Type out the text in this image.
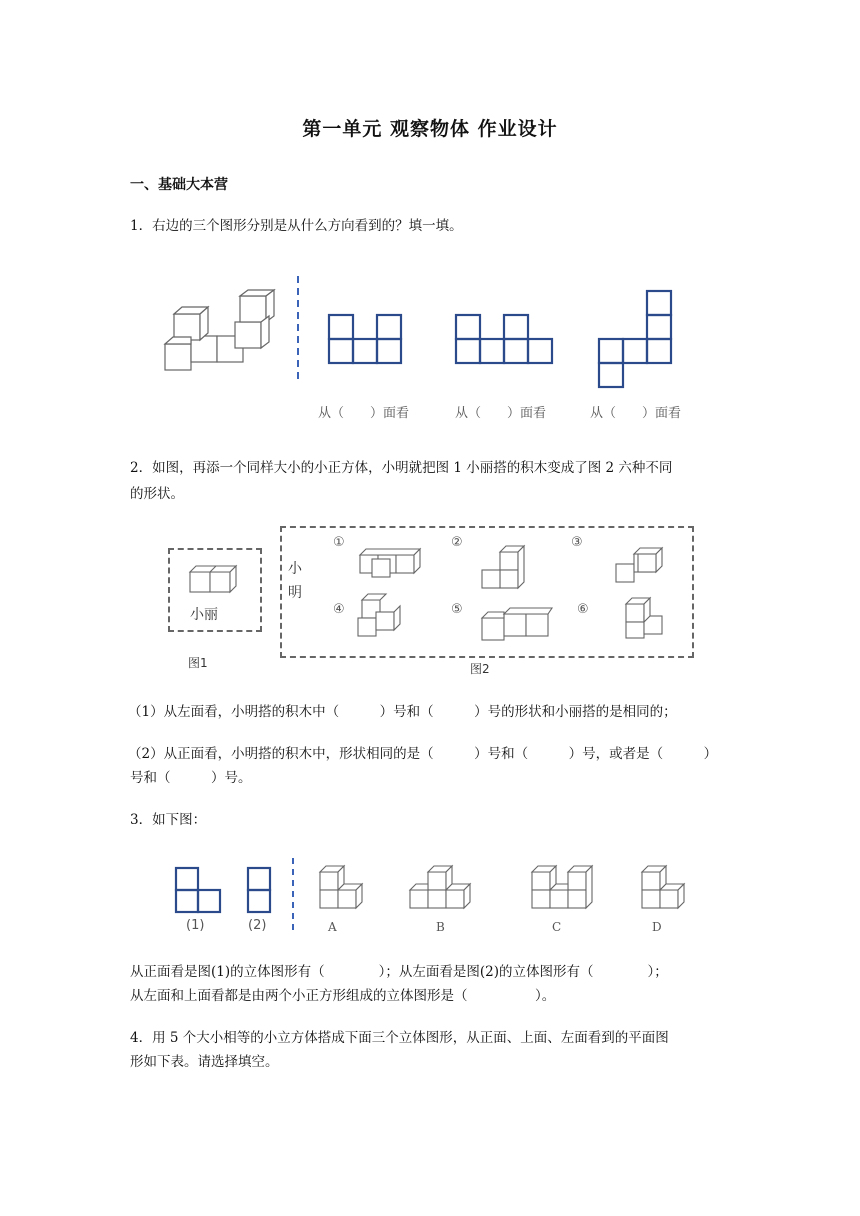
第一单元 观察物体 作业设计
一、基础大本营
1．右边的三个图形分别是从什么方向看到的？填一填。
从（　　）面看	从（　　）面看	从（　　）面看
2．如图，再添一个同样大小的小正方体，小明就把图 1 小丽搭的积木变成了图 2 六种不同
的形状。
小丽
图1
小
明
图2
①	②	③
④	⑤	⑥
（1）从左面看，小明搭的积木中（　　　）号和（　　　）号的形状和小丽搭的是相同的；
（2）从正面看，小明搭的积木中，形状相同的是（　　　）号和（　　　）号，或者是（　　　）
号和（　　　）号。
3．如下图：
(1)	(2)	A	B	C	D
从正面看是图(1)的立体图形有（　　　　）；从左面看是图(2)的立体图形有（　　　　）；
从左面和上面看都是由两个小正方形组成的立体图形是（　　　　　）。
4．用 5 个大小相等的小立方体搭成下面三个立体图形，从正面、上面、左面看到的平面图
形如下表。请选择填空。
